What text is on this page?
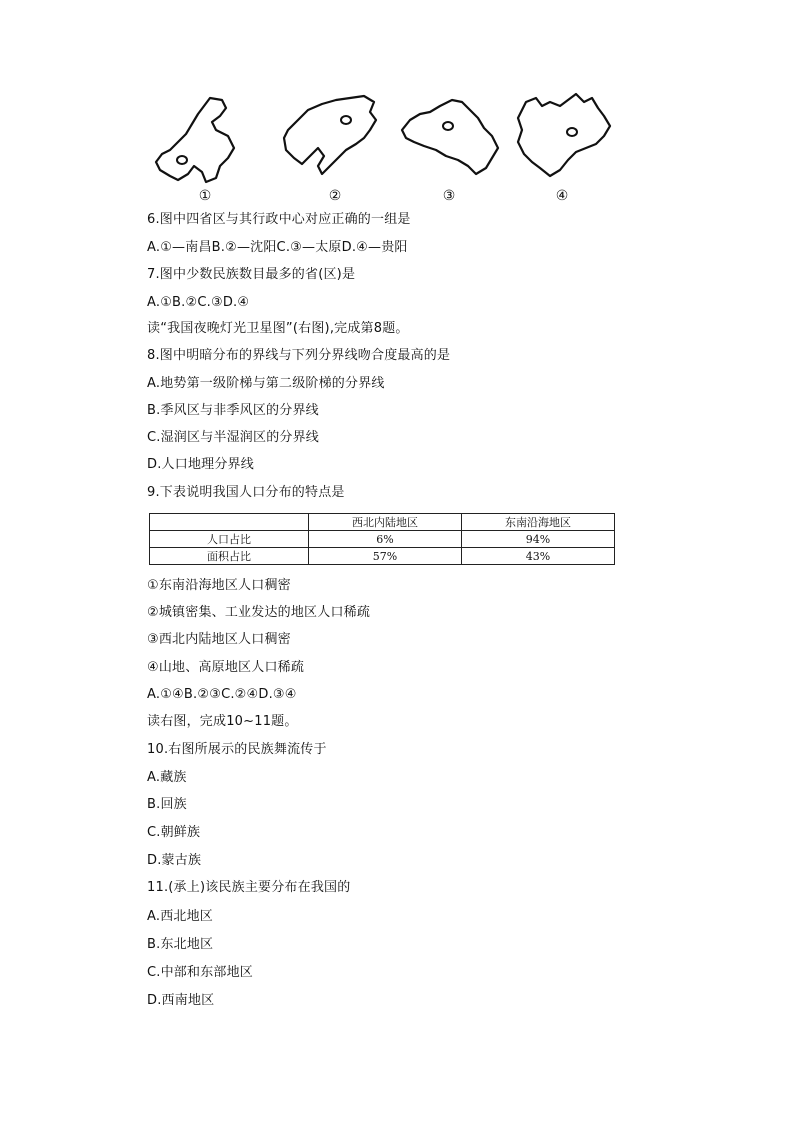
①	②	③	④
6.图中四省区与其行政中心对应正确的一组是
A.①—南昌B.②—沈阳C.③—太原D.④—贵阳
7.图中少数民族数目最多的省(区)是
A.①B.②C.③D.④
读“我国夜晚灯光卫星图”(右图),完成第8题。
8.图中明暗分布的界线与下列分界线吻合度最高的是
A.地势第一级阶梯与第二级阶梯的分界线
B.季风区与非季风区的分界线
C.湿润区与半湿润区的分界线
D.人口地理分界线
9.下表说明我国人口分布的特点是
	西北内陆地区	东南沿海地区
人口占比	6%	94%
面积占比	57%	43%
①东南沿海地区人口稠密
②城镇密集、工业发达的地区人口稀疏
③西北内陆地区人口稠密
④山地、高原地区人口稀疏
A.①④B.②③C.②④D.③④
读右图，完成10~11题。
10.右图所展示的民族舞流传于
A.藏族
B.回族
C.朝鲜族
D.蒙古族
11.(承上)该民族主要分布在我国的
A.西北地区
B.东北地区
C.中部和东部地区
D.西南地区
